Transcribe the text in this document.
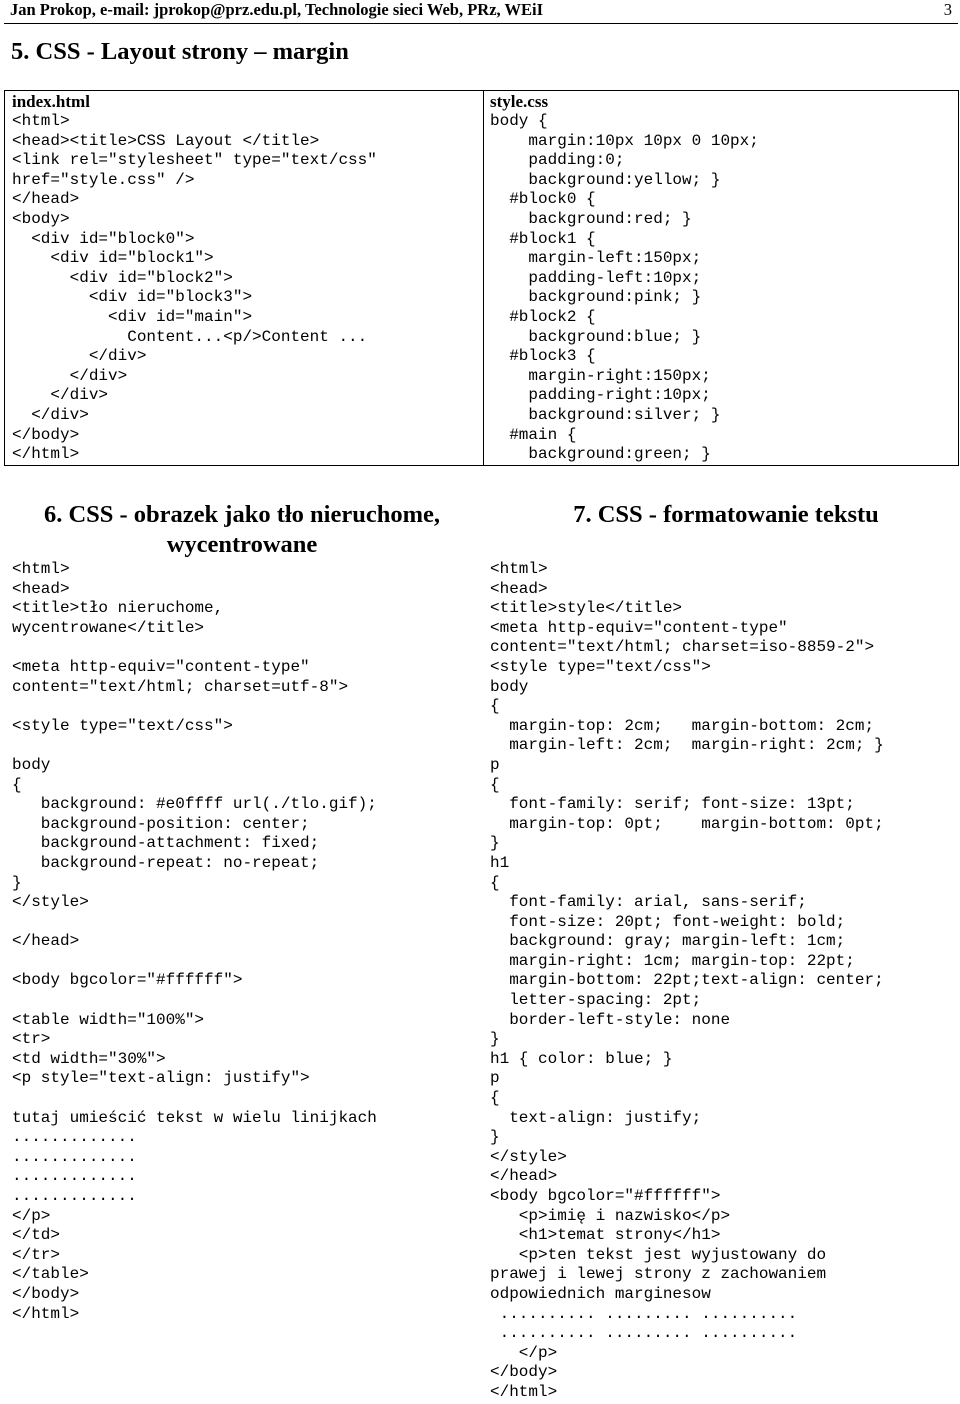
Jan Prokop, e-mail: jprokop@prz.edu.pl, Technologie sieci Web, PRz, WEiI	3
5. CSS - Layout strony – margin
index.html
<html>
<head><title>CSS Layout </title>
<link rel="stylesheet" type="text/css"
href="style.css" />
</head>
<body>
<div id="block0">
<div id="block1">
<div id="block2">
<div id="block3">
<div id="main">
Content...<p/>Content ...
</div>
</div>
</div>
</div>
</body>
</html>

style.css
body {
margin:10px 10px 0 10px;
padding:0;
background:yellow; }
#block0 {
background:red; }
#block1 {
margin-left:150px;
padding-left:10px;
background:pink; }
#block2 {
background:blue; }
#block3 {
margin-right:150px;
padding-right:10px;
background:silver; }
#main {
background:green; }
6. CSS - obrazek jako tło nieruchome,
wycentrowane
<html>
<head>
<title>tło nieruchome,
wycentrowane</title>

<meta http-equiv="content-type"
content="text/html; charset=utf-8">

<style type="text/css">

body
{
background: #e0ffff url(./tlo.gif);
background-position: center;
background-attachment: fixed;
background-repeat: no-repeat;
}
</style>

</head>

<body bgcolor="#ffffff">

<table width="100%">
<tr>
<td width="30%">
<p style="text-align: justify">

tutaj umieścić tekst w wielu linijkach
.............
.............
.............
.............
</p>
</td>
</tr>
</table>
</body>
</html>
7. CSS - formatowanie tekstu
<html>
<head>
<title>style</title>
<meta http-equiv="content-type"
content="text/html; charset=iso-8859-2">
<style type="text/css">
body
{
margin-top: 2cm;   margin-bottom: 2cm;
margin-left: 2cm;  margin-right: 2cm; }
p
{
font-family: serif; font-size: 13pt;
margin-top: 0pt;    margin-bottom: 0pt;
}
h1
{
font-family: arial, sans-serif;
font-size: 20pt; font-weight: bold;
background: gray; margin-left: 1cm;
margin-right: 1cm; margin-top: 22pt;
margin-bottom: 22pt;text-align: center;
letter-spacing: 2pt;
border-left-style: none
}
h1 { color: blue; }
p
{
text-align: justify;
}
</style>
</head>
<body bgcolor="#ffffff">
<p>imię i nazwisko</p>
<h1>temat strony</h1>
<p>ten tekst jest wyjustowany do
prawej i lewej strony z zachowaniem
odpowiednich marginesow
.......... ......... ..........
.......... ......... ..........
</p>
</body>
</html>
